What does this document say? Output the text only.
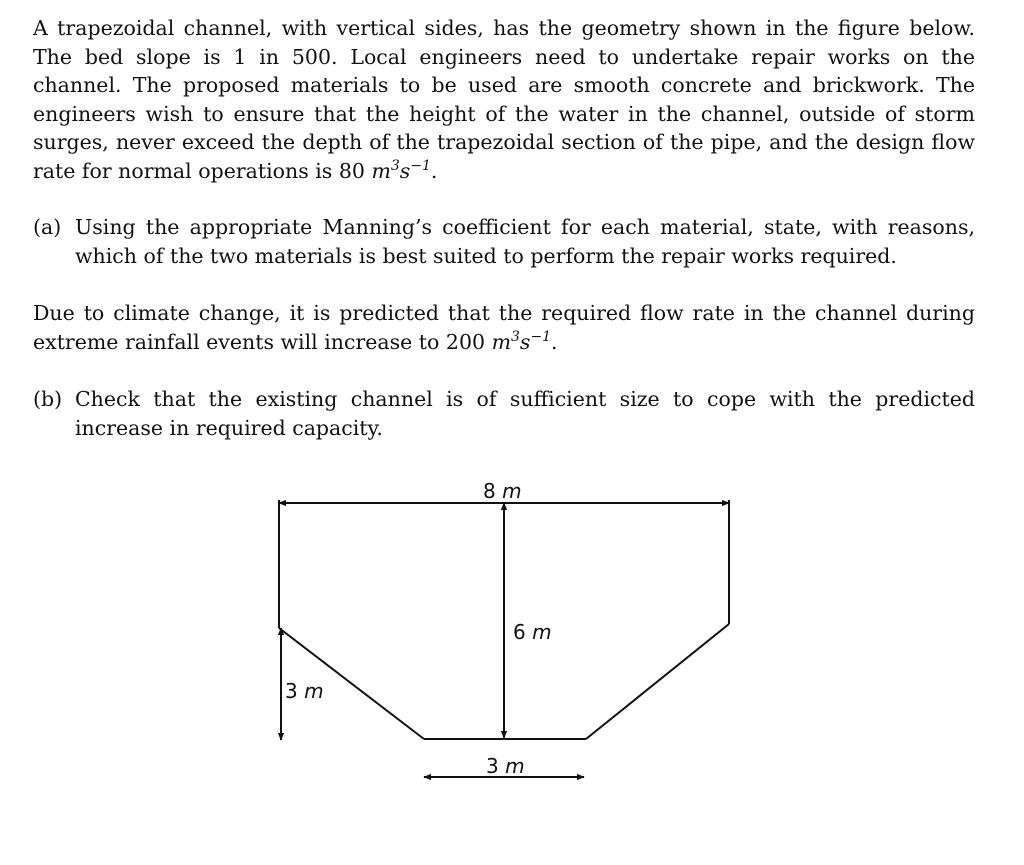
A trapezoidal channel, with vertical sides, has the geometry shown in the figure below. The bed slope is 1 in 500. Local engineers need to undertake repair works on the channel. The proposed materials to be used are smooth concrete and brickwork. The engineers wish to ensure that the height of the water in the channel, outside of storm surges, never exceed the depth of the trapezoidal section of the pipe, and the design flow rate for normal operations is 80 $m^3s^{-1}$.
(a) Using the appropriate Manning’s coefficient for each material, state, with reasons, which of the two materials is best suited to perform the repair works required.
Due to climate change, it is predicted that the required flow rate in the channel during extreme rainfall events will increase to 200 $m^3s^{-1}$.
(b) Check that the existing channel is of sufficient size to cope with the predicted increase in required capacity.
8 m
6 m
3 m
3 m
